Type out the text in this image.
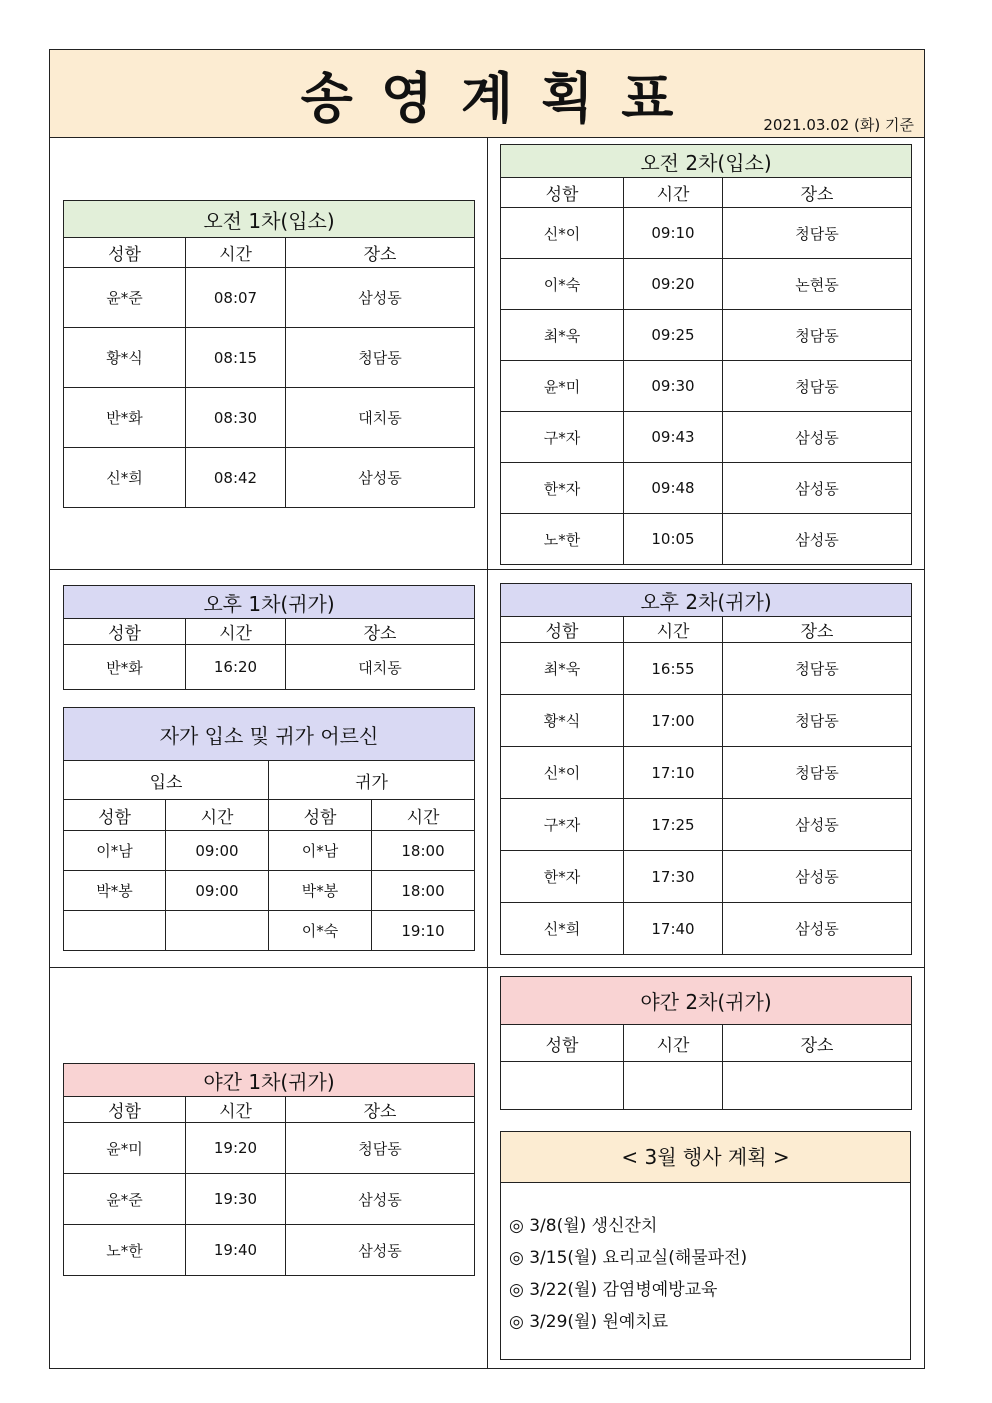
송영계획표	2021.03.02 (화) 기준
오전 1차(입소)		
성함	시간	장소
윤*준	08:07	삼성동
황*식	08:15	청담동
반*화	08:30	대치동
신*희	08:42	삼성동
오전 2차(입소)		
성함	시간	장소
신*이	09:10	청담동
이*숙	09:20	논현동
최*욱	09:25	청담동
윤*미	09:30	청담동
구*자	09:43	삼성동
한*자	09:48	삼성동
노*한	10:05	삼성동
오후 1차(귀가)		
성함	시간	장소
반*화	16:20	대치동
자가 입소 및 귀가 어르신			
입소		귀가	
성함	시간	성함	시간
이*남	09:00	이*남	18:00
박*봉	09:00	박*봉	18:00
		이*숙	19:10
오후 2차(귀가)		
성함	시간	장소
최*욱	16:55	청담동
황*식	17:00	청담동
신*이	17:10	청담동
구*자	17:25	삼성동
한*자	17:30	삼성동
신*희	17:40	삼성동
야간 1차(귀가)		
성함	시간	장소
윤*미	19:20	청담동
윤*준	19:30	삼성동
노*한	19:40	삼성동
야간 2차(귀가)		
성함	시간	장소

< 3월 행사 계획 >
◎ 3/8(월) 생신잔치
◎ 3/15(월) 요리교실(해물파전)
◎ 3/22(월) 감염병예방교육
◎ 3/29(월) 원예치료
